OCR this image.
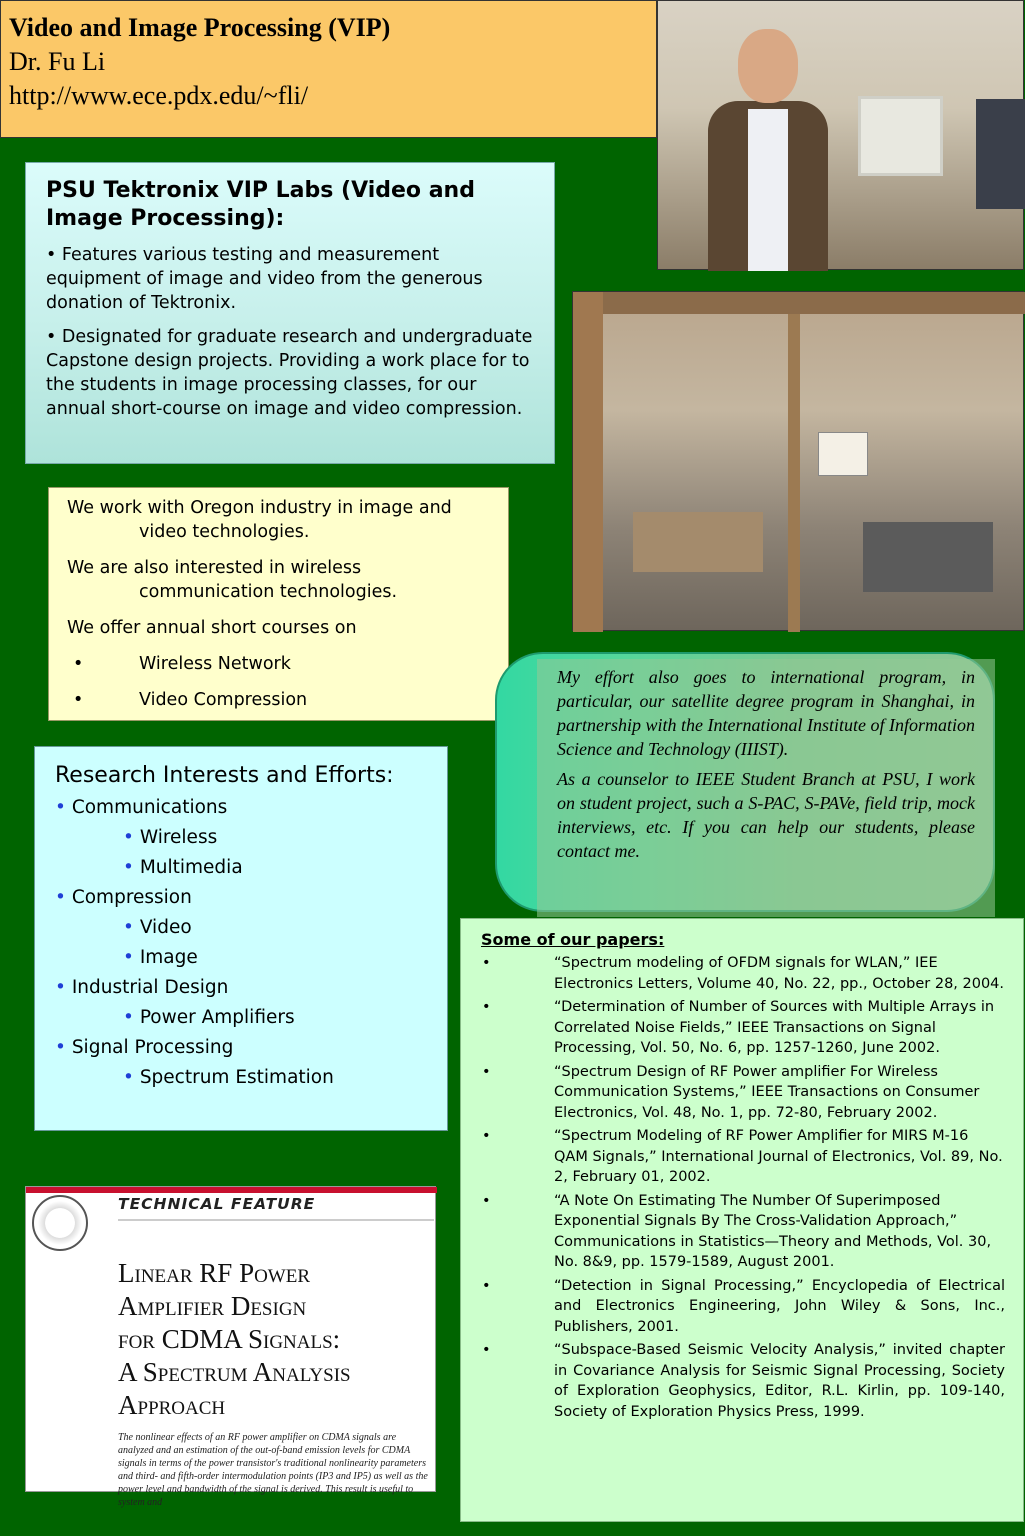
Video and Image Processing (VIP)
Dr. Fu Li
http://www.ece.pdx.edu/~fli/
PSU Tektronix VIP Labs (Video and Image Processing):

• Features various testing and measurement equipment of image and video from the generous donation of Tektronix.

• Designated for graduate research and undergraduate Capstone design projects. Providing a work place for to the students in image processing classes, for our annual short-course on image and video compression.

We work with Oregon industry in image and
video technologies.

We are also interested in wireless
communication technologies.

We offer annual short courses on

•	Wireless Network
•	Video Compression
Research Interests and Efforts:
• Communications
• Wireless
• Multimedia
• Compression
• Video
• Image
• Industrial Design
• Power Amplifiers
• Signal Processing
• Spectrum Estimation

My effort also goes to international program, in particular, our satellite degree program in Shanghai, in partnership with the International Institute of Information Science and Technology (IIIST).

As a counselor to IEEE Student Branch at PSU, I work on student project, such a S-PAC, S-PAVe, field trip, mock interviews, etc. If you can help our students, please contact me.

Some of our papers:
•	“Spectrum modeling of OFDM signals for WLAN,” IEE Electronics Letters, Volume 40, No. 22, pp., October 28, 2004.
•	“Determination of Number of Sources with Multiple Arrays in Correlated Noise Fields,” IEEE Transactions on Signal Processing, Vol. 50, No. 6, pp. 1257-1260, June 2002.
•	“Spectrum Design of RF Power amplifier For Wireless Communication Systems,” IEEE Transactions on Consumer Electronics, Vol. 48, No. 1, pp. 72-80, February 2002.
•	“Spectrum Modeling of RF Power Amplifier for MIRS M-16 QAM Signals,” International Journal of Electronics, Vol. 89, No. 2, February 01, 2002.
•	“A Note On Estimating The Number Of Superimposed Exponential Signals By The Cross-Validation Approach,” Communications in Statistics—Theory and Methods, Vol. 30, No. 8&9, pp. 1579-1589, August 2001.
•	“Detection in Signal Processing,” Encyclopedia of Electrical and Electronics Engineering, John Wiley & Sons, Inc., Publishers, 2001.
•	“Subspace-Based Seismic Velocity Analysis,” invited chapter in Covariance Analysis for Seismic Signal Processing, Society of Exploration Geophysics, Editor, R.L. Kirlin, pp. 109-140, Society of Exploration Physics Press, 1999.
TECHNICAL FEATURE
Linear RF Power
Amplifier Design
for CDMA Signals:
A Spectrum Analysis
Approach
The nonlinear effects of an RF power amplifier on CDMA signals are analyzed and an estimation of the out-of-band emission levels for CDMA signals in terms of the power transistor's traditional nonlinearity parameters and third- and fifth-order intermodulation points (IP3 and IP5) as well as the power level and bandwidth of the signal is derived. This result is useful to system and
